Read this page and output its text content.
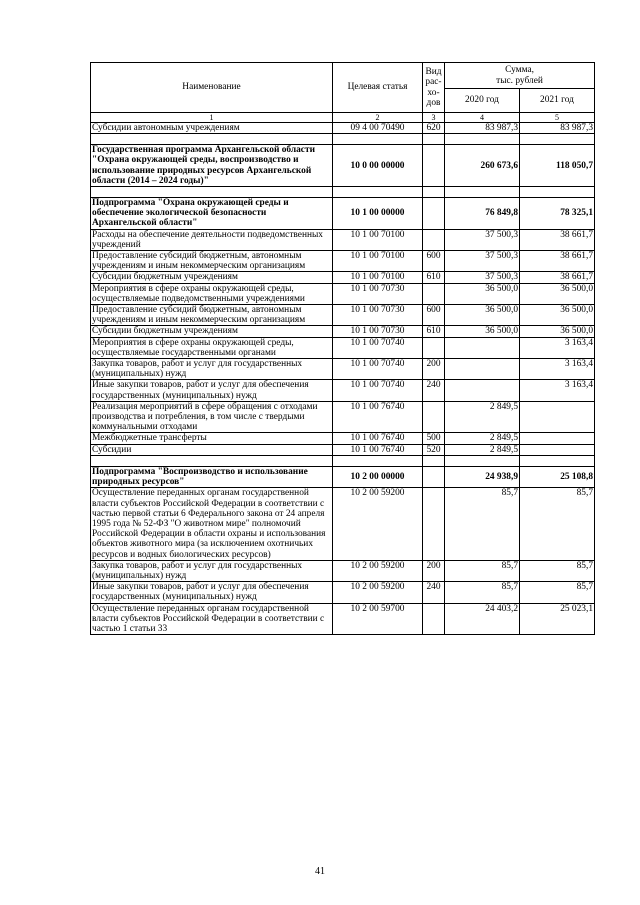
Наименование	Целевая статья	Вид
рас-
хо-
дов	Сумма,
тыс. рублей	
			2020 год	2021 год
1	2	3	4	5
Субсидии автономным учреждениям	09 4 00 70490	620	83 987,3	83 987,3

Государственная программа Архангельской области "Охрана окружающей среды, воспроизводство и использование природных ресурсов Архангельской области (2014 – 2024 годы)"	10 0 00 00000		260 673,6	118 050,7

Подпрограмма "Охрана окружающей среды и обеспечение экологической безопасности Архангельской области"	10 1 00 00000		76 849,8	78 325,1
Расходы на обеспечение деятельности подведомственных учреждений	10 1 00 70100		37 500,3	38 661,7
Предоставление субсидий бюджетным, автономным учреждениям и иным некоммерческим организациям	10 1 00 70100	600	37 500,3	38 661,7
Субсидии бюджетным учреждениям	10 1 00 70100	610	37 500,3	38 661,7
Мероприятия в сфере охраны окружающей среды, осуществляемые подведомственными учреждениями	10 1 00 70730		36 500,0	36 500,0
Предоставление субсидий бюджетным, автономным учреждениям и иным некоммерческим организациям	10 1 00 70730	600	36 500,0	36 500,0
Субсидии бюджетным учреждениям	10 1 00 70730	610	36 500,0	36 500,0
Мероприятия в сфере охраны окружающей среды, осуществляемые государственными органами	10 1 00 70740			3 163,4
Закупка товаров, работ и услуг для государственных (муниципальных) нужд	10 1 00 70740	200		3 163,4
Иные закупки товаров, работ и услуг для обеспечения государственных (муниципальных) нужд	10 1 00 70740	240		3 163,4
Реализация мероприятий в сфере обращения с отходами производства и потребления, в том числе с твердыми коммунальными отходами	10 1 00 76740		2 849,5	
Межбюджетные трансферты	10 1 00 76740	500	2 849,5	
Субсидии	10 1 00 76740	520	2 849,5	

Подпрограмма "Воспроизводство и использование природных ресурсов"	10 2 00 00000		24 938,9	25 108,8
Осуществление переданных органам государственной власти субъектов Российской Федерации в соответствии с частью первой статьи 6 Федерального закона от 24 апреля 1995 года № 52-ФЗ "О животном мире" полномочий Российской Федерации в области охраны и использования объектов животного мира (за исключением охотничьих ресурсов и водных биологических ресурсов)	10 2 00 59200		85,7	85,7
Закупка товаров, работ и услуг для государственных (муниципальных) нужд	10 2 00 59200	200	85,7	85,7
Иные закупки товаров, работ и услуг для обеспечения государственных (муниципальных) нужд	10 2 00 59200	240	85,7	85,7
Осуществление переданных органам государственной власти субъектов Российской Федерации в соответствии с частью 1 статьи 33	10 2 00 59700		24 403,2	25 023,1
41
